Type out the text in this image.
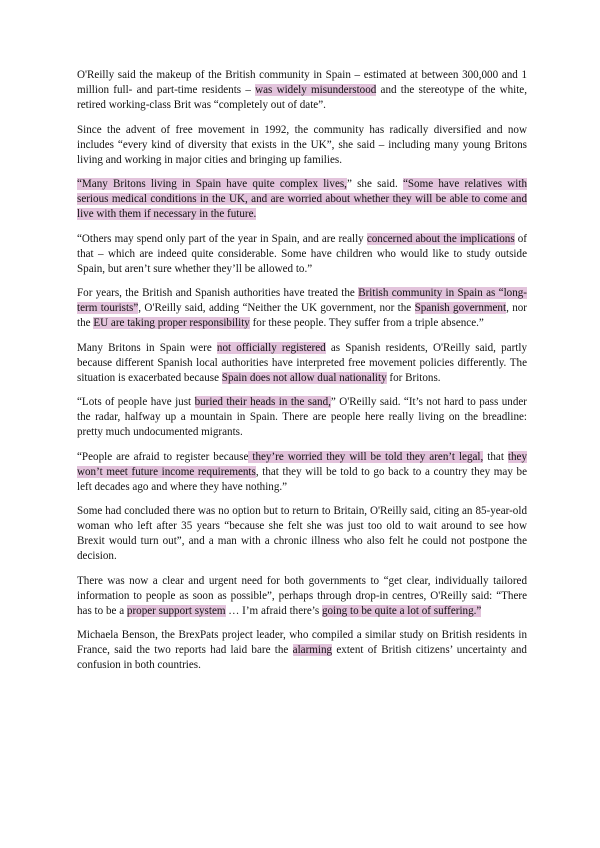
O'Reilly said the makeup of the British community in Spain – estimated at between 300,000 and 1 million full- and part-time residents – was widely misunderstood and the stereotype of the white, retired working-class Brit was “completely out of date”.

Since the advent of free movement in 1992, the community has radically diversified and now includes “every kind of diversity that exists in the UK”, she said – including many young Britons living and working in major cities and bringing up families.

“Many Britons living in Spain have quite complex lives,” she said. “Some have relatives with serious medical conditions in the UK, and are worried about whether they will be able to come and live with them if necessary in the future.

“Others may spend only part of the year in Spain, and are really concerned about the implications of that – which are indeed quite considerable. Some have children who would like to study outside Spain, but aren’t sure whether they’ll be allowed to.”

For years, the British and Spanish authorities have treated the British community in Spain as “long-term tourists”, O'Reilly said, adding “Neither the UK government, nor the Spanish government, nor the EU are taking proper responsibility for these people. They suffer from a triple absence.”

Many Britons in Spain were not officially registered as Spanish residents, O'Reilly said, partly because different Spanish local authorities have interpreted free movement policies differently. The situation is exacerbated because Spain does not allow dual nationality for Britons.

“Lots of people have just buried their heads in the sand,” O'Reilly said. “It’s not hard to pass under the radar, halfway up a mountain in Spain. There are people here really living on the breadline: pretty much undocumented migrants.

“People are afraid to register because they’re worried they will be told they aren’t legal, that they won’t meet future income requirements, that they will be told to go back to a country they may be left decades ago and where they have nothing.”

Some had concluded there was no option but to return to Britain, O'Reilly said, citing an 85-year-old woman who left after 35 years “because she felt she was just too old to wait around to see how Brexit would turn out”, and a man with a chronic illness who also felt he could not postpone the decision.

There was now a clear and urgent need for both governments to “get clear, individually tailored information to people as soon as possible”, perhaps through drop-in centres, O'Reilly said: “There has to be a proper support system … I’m afraid there’s going to be quite a lot of suffering.”

Michaela Benson, the BrexPats project leader, who compiled a similar study on British residents in France, said the two reports had laid bare the alarming extent of British citizens’ uncertainty and confusion in both countries.
